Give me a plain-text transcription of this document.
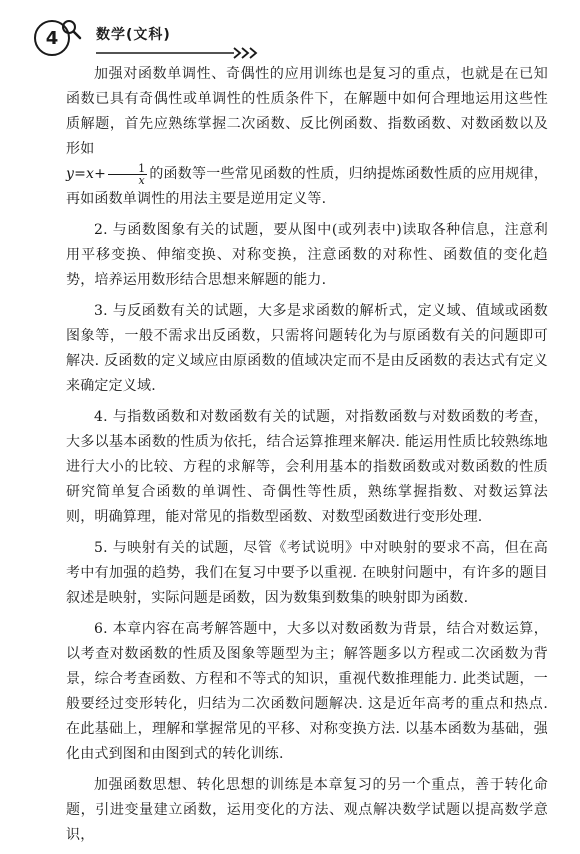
4	数学(文科)

加强对函数单调性、奇偶性的应用训练也是复习的重点，也就是在已知函数已具有奇偶性或单调性的性质条件下，在解题中如何合理地运用这些性质解题，首先应熟练掌握二次函数、反比例函数、指数函数、对数函数以及形如
$y=x+ \frac{1}{x}$ 的函数等一些常见函数的性质，归纳提炼函数性质的应用规律，再如函数单调性的用法主要是逆用定义等.

2. 与函数图象有关的试题，要从图中(或列表中)读取各种信息，注意利用平移变换、伸缩变换、对称变换，注意函数的对称性、函数值的变化趋势，培养运用数形结合思想来解题的能力.

3. 与反函数有关的试题，大多是求函数的解析式，定义域、值域或函数图象等，一般不需求出反函数，只需将问题转化为与原函数有关的问题即可解决. 反函数的定义域应由原函数的值域决定而不是由反函数的表达式有定义来确定定义域.

4. 与指数函数和对数函数有关的试题，对指数函数与对数函数的考查，大多以基本函数的性质为依托，结合运算推理来解决. 能运用性质比较熟练地进行大小的比较、方程的求解等，会利用基本的指数函数或对数函数的性质研究简单复合函数的单调性、奇偶性等性质，熟练掌握指数、对数运算法则，明确算理，能对常见的指数型函数、对数型函数进行变形处理.

5. 与映射有关的试题，尽管《考试说明》中对映射的要求不高，但在高考中有加强的趋势，我们在复习中要予以重视. 在映射问题中，有许多的题目叙述是映射，实际问题是函数，因为数集到数集的映射即为函数.

6. 本章内容在高考解答题中，大多以对数函数为背景，结合对数运算，以考查对数函数的性质及图象等题型为主；解答题多以方程或二次函数为背景，综合考查函数、方程和不等式的知识，重视代数推理能力. 此类试题，一般要经过变形转化，归结为二次函数问题解决. 这是近年高考的重点和热点. 在此基础上，理解和掌握常见的平移、对称变换方法. 以基本函数为基础，强化由式到图和由图到式的转化训练.

加强函数思想、转化思想的训练是本章复习的另一个重点，善于转化命题，引进变量建立函数，运用变化的方法、观点解决数学试题以提高数学意识，
